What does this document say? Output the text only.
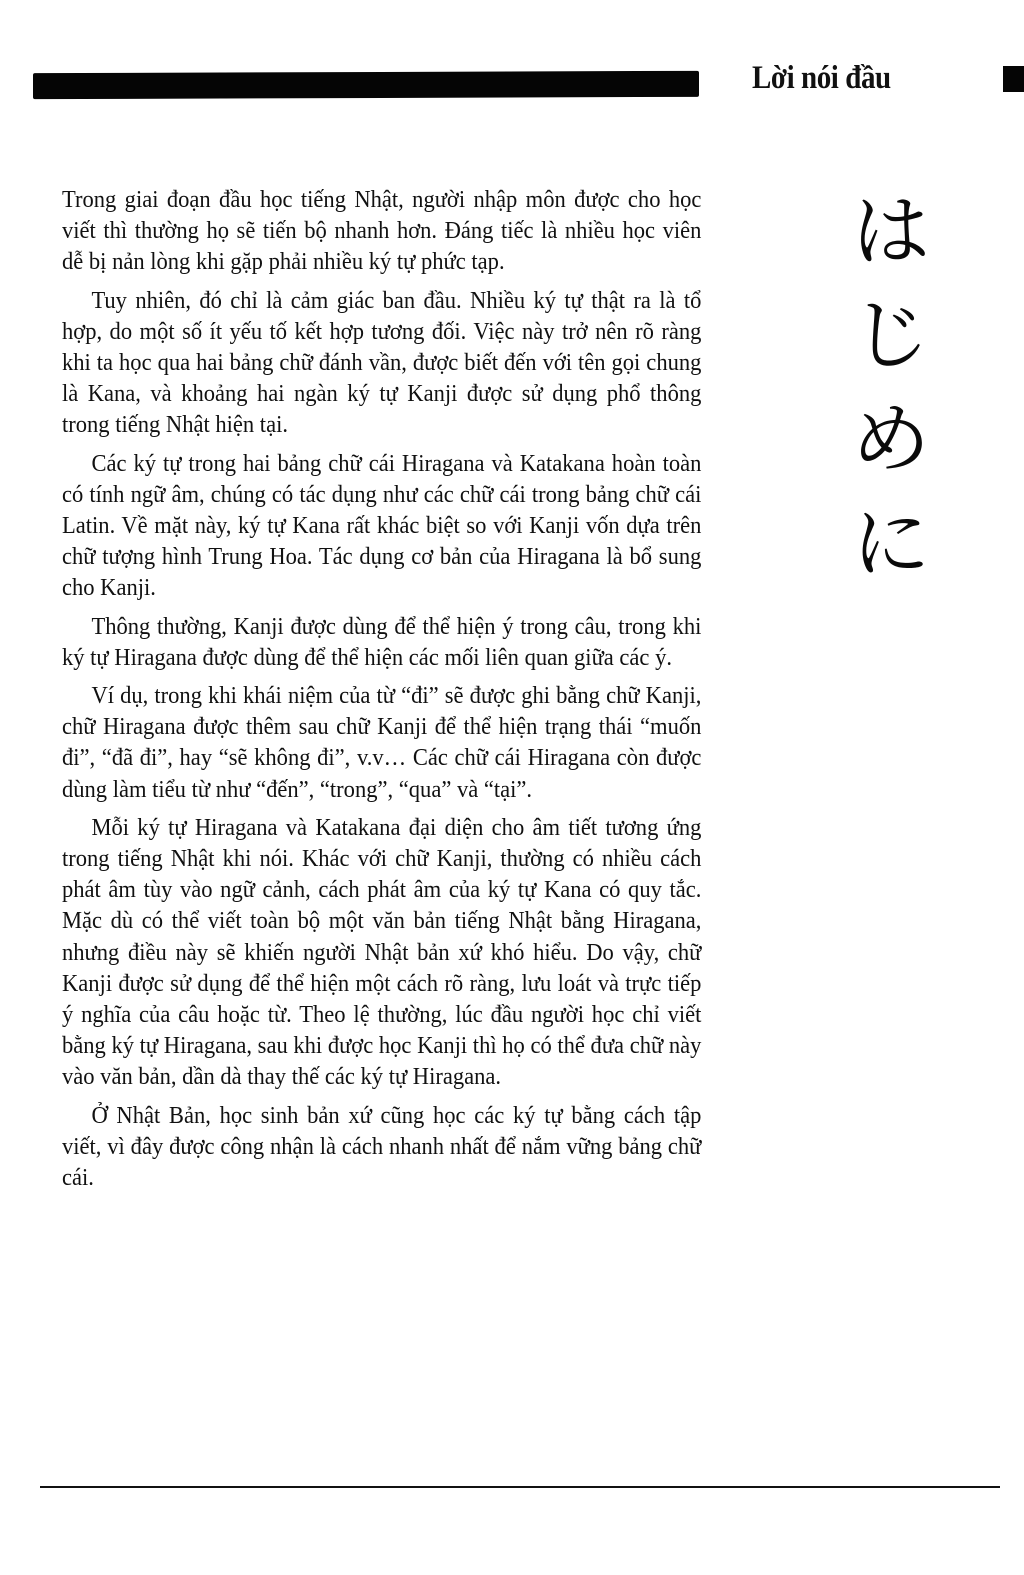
Lời nói đầu

Trong giai đoạn đầu học tiếng Nhật, người nhập môn được cho học viết thì thường họ sẽ tiến bộ nhanh hơn. Đáng tiếc là nhiều học viên dễ bị nản lòng khi gặp phải nhiều ký tự phức tạp.

Tuy nhiên, đó chỉ là cảm giác ban đầu. Nhiều ký tự thật ra là tổ hợp, do một số ít yếu tố kết hợp tương đối. Việc này trở nên rõ ràng khi ta học qua hai bảng chữ đánh vần, được biết đến với tên gọi chung là Kana, và khoảng hai ngàn ký tự Kanji được sử dụng phổ thông trong tiếng Nhật hiện tại.

Các ký tự trong hai bảng chữ cái Hiragana và Katakana hoàn toàn có tính ngữ âm, chúng có tác dụng như các chữ cái trong bảng chữ cái Latin. Về mặt này, ký tự Kana rất khác biệt so với Kanji vốn dựa trên chữ tượng hình Trung Hoa. Tác dụng cơ bản của Hiragana là bổ sung cho Kanji.

Thông thường, Kanji được dùng để thể hiện ý trong câu, trong khi ký tự Hiragana được dùng để thể hiện các mối liên quan giữa các ý.

Ví dụ, trong khi khái niệm của từ “đi” sẽ được ghi bằng chữ Kanji, chữ Hiragana được thêm sau chữ Kanji để thể hiện trạng thái “muốn đi”, “đã đi”, hay “sẽ không đi”, v.v… Các chữ cái Hiragana còn được dùng làm tiểu từ như “đến”, “trong”, “qua” và “tại”.

Mỗi ký tự Hiragana và Katakana đại diện cho âm tiết tương ứng trong tiếng Nhật khi nói. Khác với chữ Kanji, thường có nhiều cách phát âm tùy vào ngữ cảnh, cách phát âm của ký tự Kana có quy tắc. Mặc dù có thể viết toàn bộ một văn bản tiếng Nhật bằng Hiragana, nhưng điều này sẽ khiến người Nhật bản xứ khó hiểu. Do vậy, chữ Kanji được sử dụng để thể hiện một cách rõ ràng, lưu loát và trực tiếp ý nghĩa của câu hoặc từ. Theo lệ thường, lúc đầu người học chỉ viết bằng ký tự Hiragana, sau khi được học Kanji thì họ có thể đưa chữ này vào văn bản, dần dà thay thế các ký tự Hiragana.

Ở Nhật Bản, học sinh bản xứ cũng học các ký tự bằng cách tập viết, vì đây được công nhận là cách nhanh nhất để nắm vững bảng chữ cái.

は
じ
め
に
